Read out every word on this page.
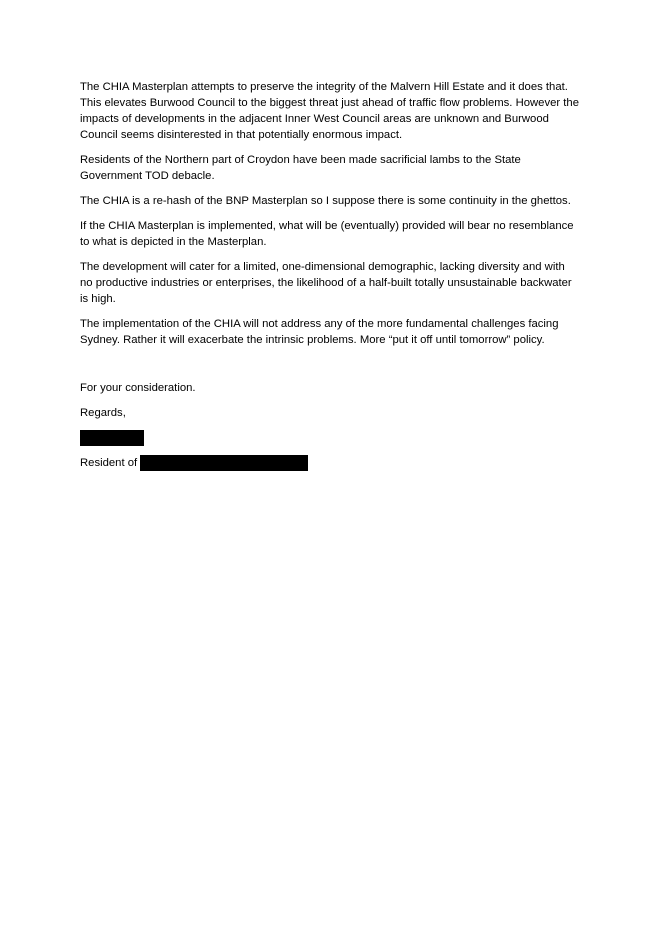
The CHIA Masterplan attempts to preserve the integrity of the Malvern Hill Estate and it does that. This elevates Burwood Council to the biggest threat just ahead of traffic flow problems. However the impacts of developments in the adjacent Inner West Council areas are unknown and Burwood Council seems disinterested in that potentially enormous impact.

Residents of the Northern part of Croydon have been made sacrificial lambs to the State Government TOD debacle.

The CHIA is a re-hash of the BNP Masterplan so I suppose there is some continuity in the ghettos.

If the CHIA Masterplan is implemented, what will be (eventually) provided will bear no resemblance to what is depicted in the Masterplan.

The development will cater for a limited, one-dimensional demographic, lacking diversity and with no productive industries or enterprises, the likelihood of a half-built totally unsustainable backwater is high.

The implementation of the CHIA will not address any of the more fundamental challenges facing Sydney. Rather it will exacerbate the intrinsic problems. More “put it off until tomorrow” policy.

For your consideration.

Regards,

Resident of
